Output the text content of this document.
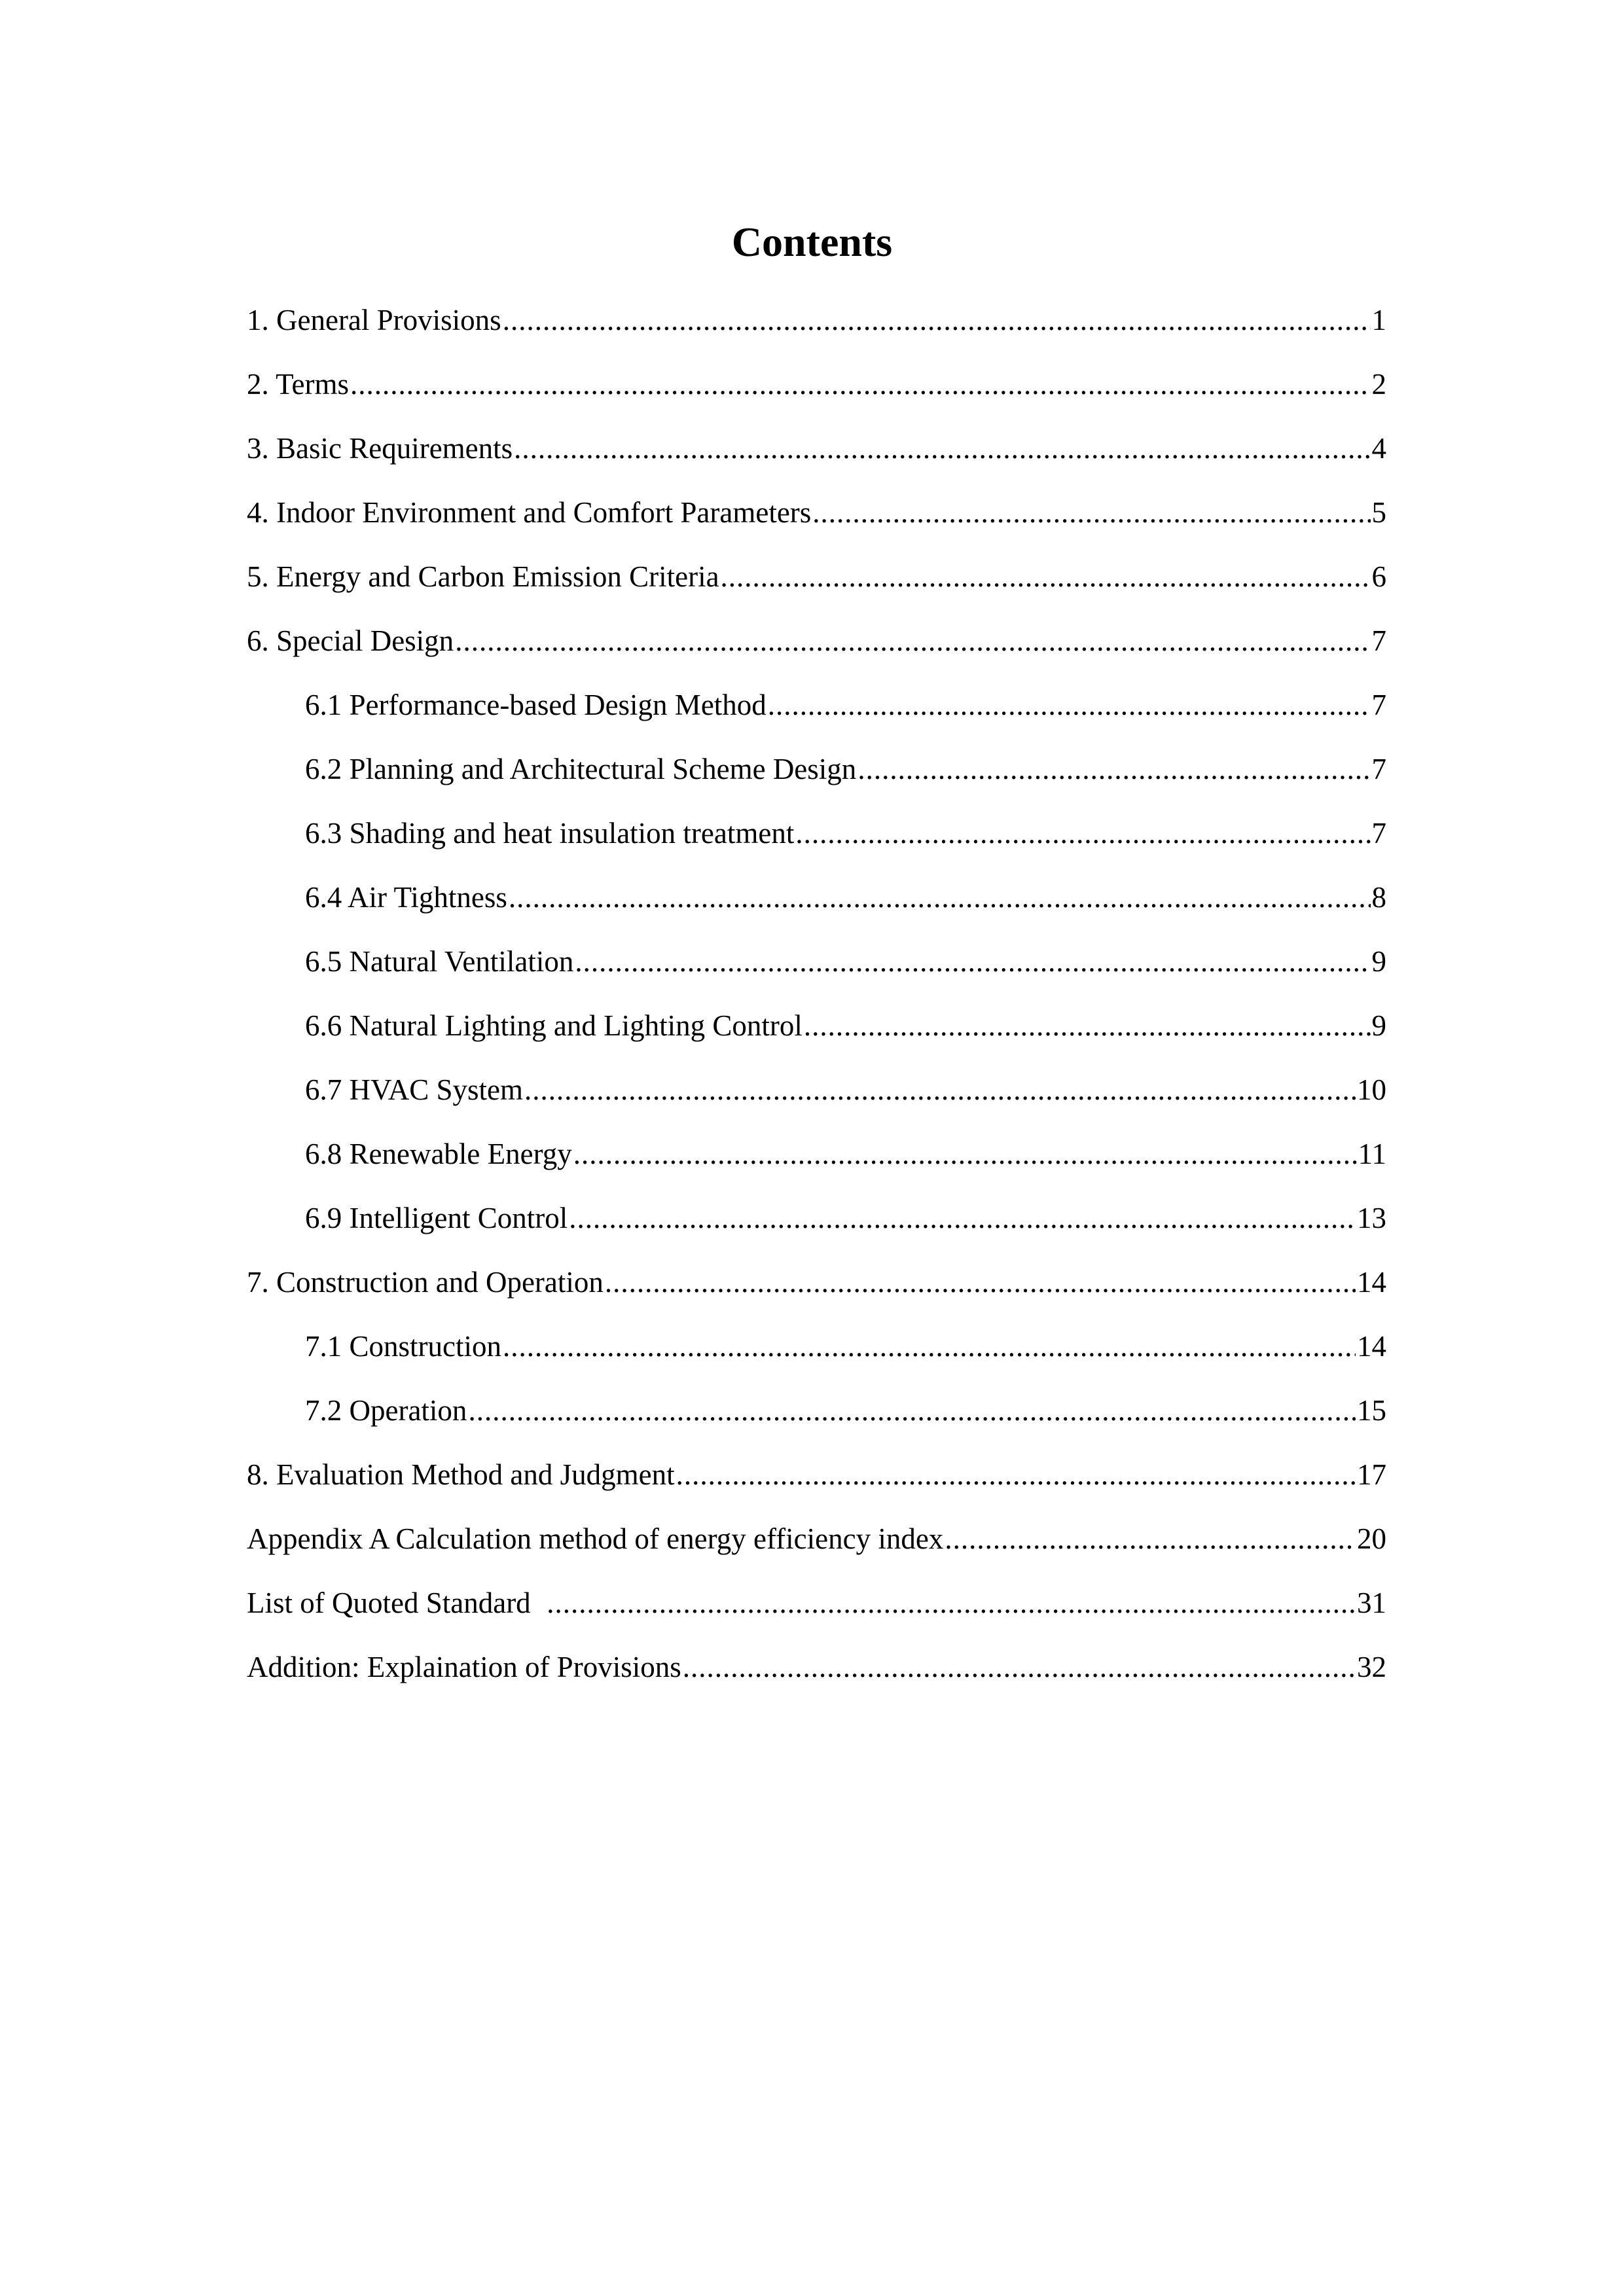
Contents
1. General Provisions .....	1
2. Terms .....	2
3. Basic Requirements .....	4
4. Indoor Environment and Comfort Parameters .....	5
5. Energy and Carbon Emission Criteria .....	6
6. Special Design .....	7
6.1 Performance-based Design Method .....	7
6.2 Planning and Architectural Scheme Design .....	7
6.3 Shading and heat insulation treatment .....	7
6.4 Air Tightness .....	8
6.5 Natural Ventilation .....	9
6.6 Natural Lighting and Lighting Control .....	9
6.7 HVAC System .....	10
6.8 Renewable Energy .....	11
6.9 Intelligent Control .....	13
7. Construction and Operation .....	14
7.1 Construction .....	14
7.2 Operation .....	15
8. Evaluation Method and Judgment .....	17
Appendix A Calculation method of energy efficiency index .....	20
List of Quoted Standard .....	31
Addition: Explaination of Provisions .....	32
